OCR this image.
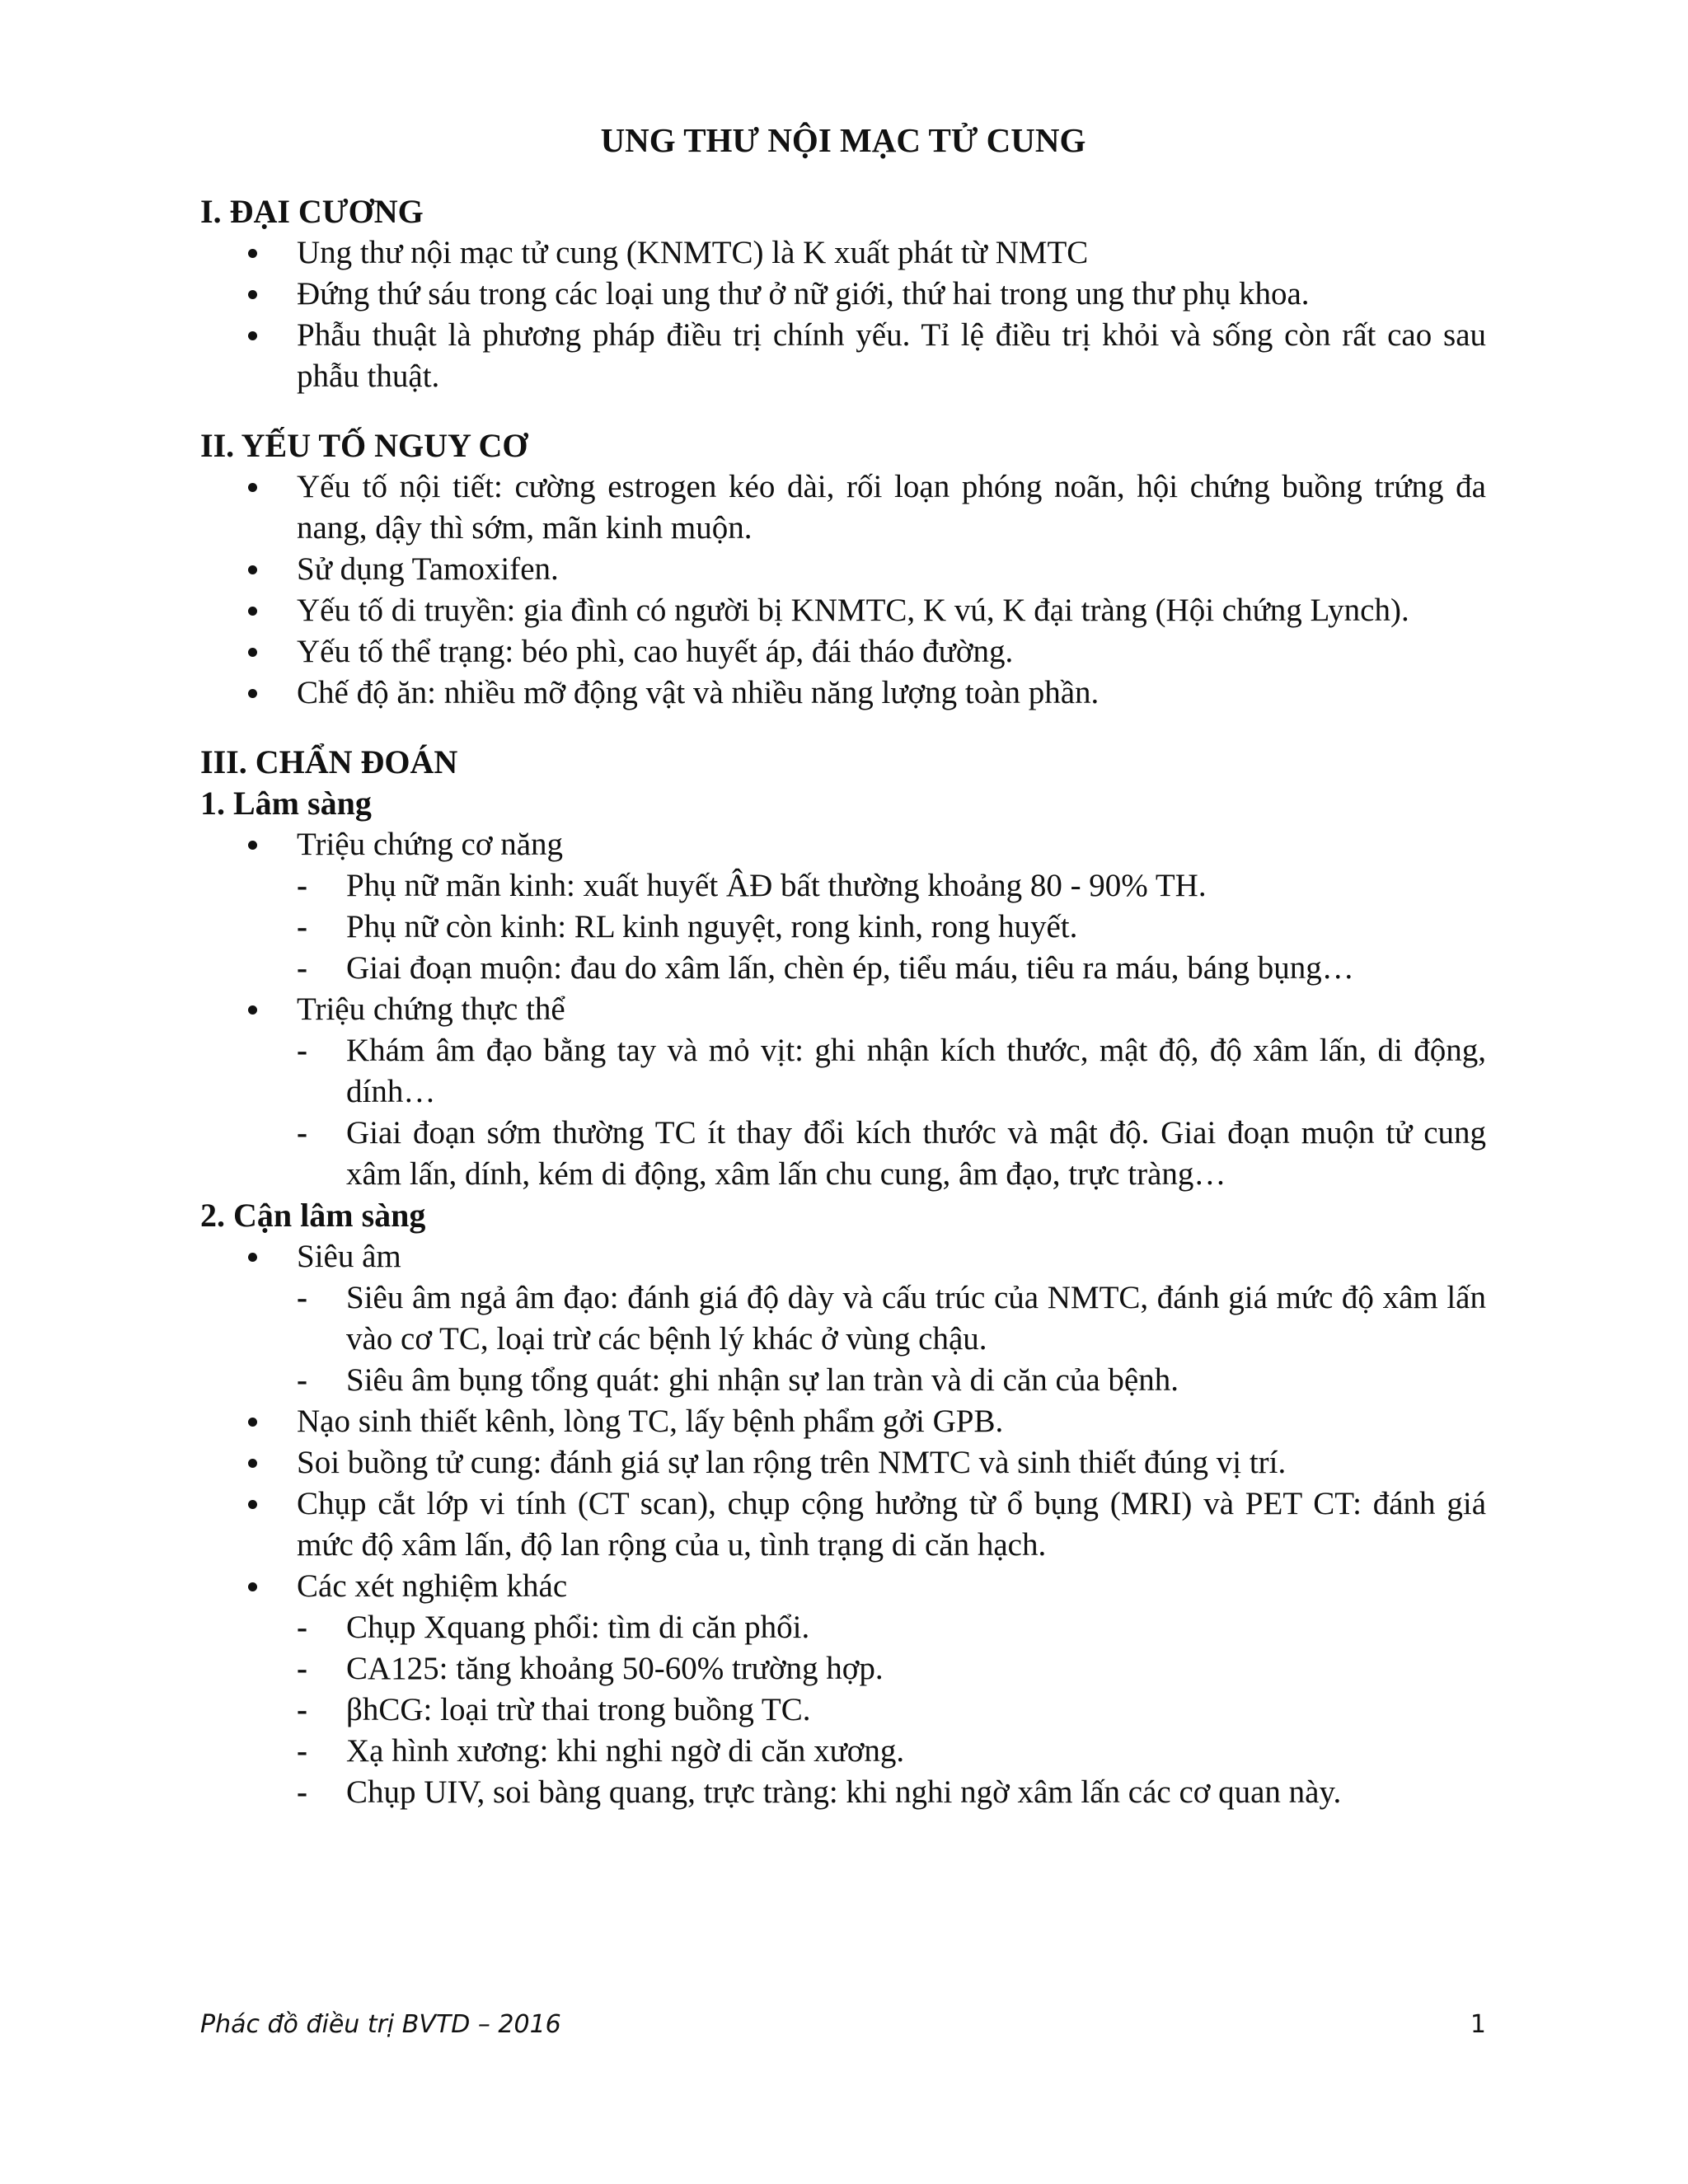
UNG THƯ NỘI MẠC TỬ CUNG
I. ĐẠI CƯƠNG
Ung thư nội mạc tử cung (KNMTC) là K xuất phát từ NMTC
Đứng thứ sáu trong các loại ung thư ở nữ giới, thứ hai trong ung thư phụ khoa.
Phẫu thuật là phương pháp điều trị chính yếu. Tỉ lệ điều trị khỏi và sống còn rất cao sau phẫu thuật.
II. YẾU TỐ NGUY CƠ
Yếu tố nội tiết: cường estrogen kéo dài, rối loạn phóng noãn, hội chứng buồng trứng đa nang, dậy thì sớm, mãn kinh muộn.
Sử dụng Tamoxifen.
Yếu tố di truyền: gia đình có người bị KNMTC, K vú, K đại tràng (Hội chứng Lynch).
Yếu tố thể trạng: béo phì, cao huyết áp, đái tháo đường.
Chế độ ăn: nhiều mỡ động vật và nhiều năng lượng toàn phần.
III. CHẨN ĐOÁN
1. Lâm sàng
Triệu chứng cơ năng
- Phụ nữ mãn kinh: xuất huyết ÂĐ bất thường khoảng 80 - 90% TH.
- Phụ nữ còn kinh: RL kinh nguyệt, rong kinh, rong huyết.
- Giai đoạn muộn: đau do xâm lấn, chèn ép, tiểu máu, tiêu ra máu, báng bụng…
Triệu chứng thực thể
- Khám âm đạo bằng tay và mỏ vịt: ghi nhận kích thước, mật độ, độ xâm lấn, di động, dính…
- Giai đoạn sớm thường TC ít thay đổi kích thước và mật độ. Giai đoạn muộn tử cung xâm lấn, dính, kém di động, xâm lấn chu cung, âm đạo, trực tràng…
2. Cận lâm sàng
Siêu âm
- Siêu âm ngả âm đạo: đánh giá độ dày và cấu trúc của NMTC, đánh giá mức độ xâm lấn vào cơ TC, loại trừ các bệnh lý khác ở vùng chậu.
- Siêu âm bụng tổng quát: ghi nhận sự lan tràn và di căn của bệnh.
Nạo sinh thiết kênh, lòng TC, lấy bệnh phẩm gởi GPB.
Soi buồng tử cung: đánh giá sự lan rộng trên NMTC và sinh thiết đúng vị trí.
Chụp cắt lớp vi tính (CT scan), chụp cộng hưởng từ ổ bụng (MRI) và PET CT: đánh giá mức độ xâm lấn, độ lan rộng của u, tình trạng di căn hạch.
Các xét nghiệm khác
- Chụp Xquang phổi: tìm di căn phổi.
- CA125: tăng khoảng 50-60% trường hợp.
- βhCG: loại trừ thai trong buồng TC.
- Xạ hình xương: khi nghi ngờ di căn xương.
- Chụp UIV, soi bàng quang, trực tràng: khi nghi ngờ xâm lấn các cơ quan này.
Phác đồ điều trị BVTD – 2016	1
